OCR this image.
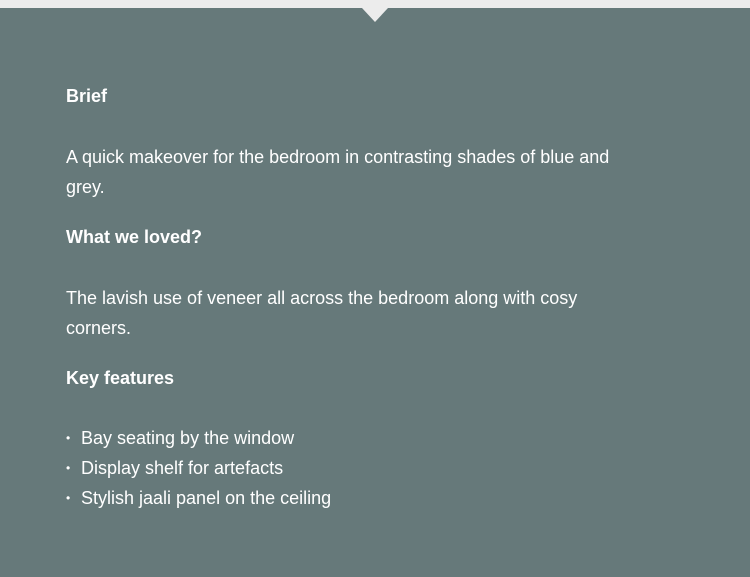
Brief

A quick makeover for the bedroom in contrasting shades of blue and grey.

What we loved?

The lavish use of veneer all across the bedroom along with cosy corners.

Key features
• Bay seating by the window
• Display shelf for artefacts
• Stylish jaali panel on the ceiling
